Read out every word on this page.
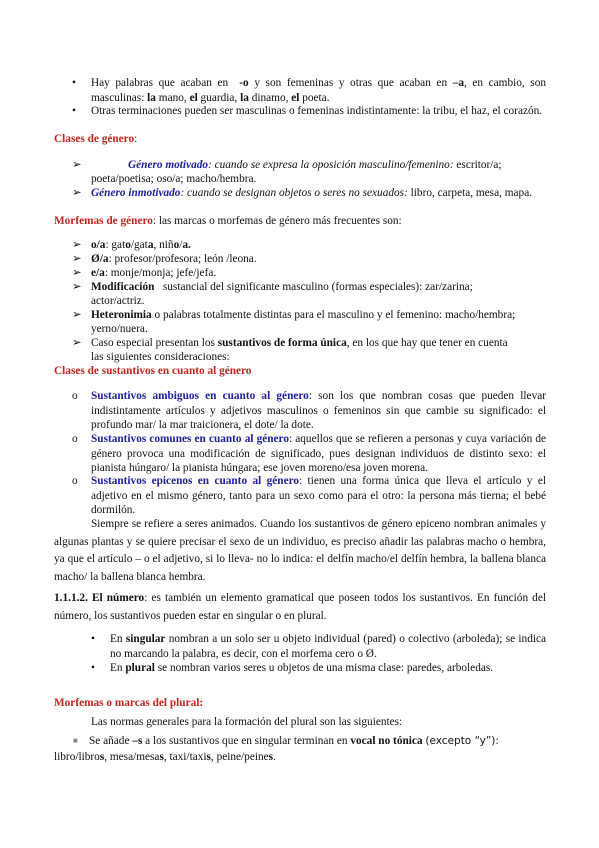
• Hay palabras que acaban en -o y son femeninas y otras que acaban en –a, en cambio, son masculinas: la mano, el guardia, la dinamo, el poeta.
• Otras terminaciones pueden ser masculinas o femeninas indistintamente: la tribu, el haz, el corazón.
Clases de género:
➢	Género motivado: cuando se expresa la oposición masculino/femenino: escritor/a;
poeta/poetisa; oso/a; macho/hembra.
➢ Género inmotivado: cuando se designan objetos o seres no sexuados: libro, carpeta, mesa, mapa.
Morfemas de género: las marcas o morfemas de género más frecuentes son:
➢ o/a: gato/gata, niño/a.
➢ Ø/a: profesor/profesora; león /leona.
➢ e/a: monje/monja; jefe/jefa.
➢ Modificación sustancial del significante masculino (formas especiales): zar/zarina;
actor/actriz.
➢ Heteronimia o palabras totalmente distintas para el masculino y el femenino: macho/hembra;
yerno/nuera.
➢ Caso especial presentan los sustantivos de forma única, en los que hay que tener en cuenta
las siguientes consideraciones:
Clases de sustantivos en cuanto al género
o Sustantivos ambiguos en cuanto al género: son los que nombran cosas que pueden llevar indistintamente artículos y adjetivos masculinos o femeninos sin que cambie su significado: el profundo mar/ la mar traicionera, el dote/ la dote.
o Sustantivos comunes en cuanto al género: aquellos que se refieren a personas y cuya variación de género provoca una modificación de significado, pues designan individuos de distinto sexo: el pianista húngaro/ la pianista húngara; ese joven moreno/esa joven morena.
o Sustantivos epicenos en cuanto al género: tienen una forma única que lleva el artículo y el adjetivo en el mismo género, tanto para un sexo como para el otro: la persona más tierna; el bebé dormilón.
Siempre se refiere a seres animados. Cuando los sustantivos de género epiceno nombran animales y algunas plantas y se quiere precisar el sexo de un individuo, es preciso añadir las palabras macho o hembra, ya que el artículo – o el adjetivo, si lo lleva- no lo indica: el delfín macho/el delfín hembra, la ballena blanca macho/ la ballena blanca hembra.
1.1.1.2. El número: es también un elemento gramatical que poseen todos los sustantivos. En función del número, los sustantivos pueden estar en singular o en plural.
• En singular nombran a un solo ser u objeto individual (pared) o colectivo (arboleda); se indica no marcando la palabra, es decir, con el morfema cero o Ø.
• En plural se nombran varios seres u objetos de una misma clase: paredes, arboledas.
Morfemas o marcas del plural:
Las normas generales para la formación del plural son las siguientes:
■ Se añade –s a los sustantivos que en singular terminan en vocal no tónica (excepto “y”):
libro/libros, mesa/mesas, taxi/taxis, peine/peines.
